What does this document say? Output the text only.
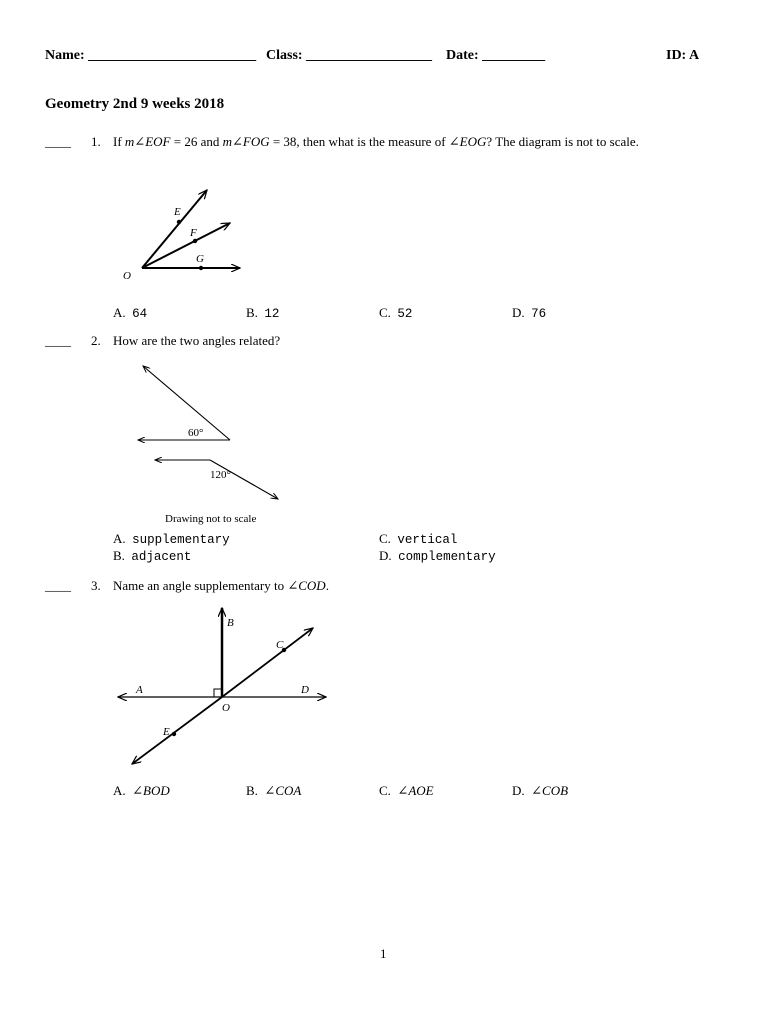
Name: ________________________ Class: __________________ Date: _________	ID: A
Geometry 2nd 9 weeks 2018
____ 1. If m∠EOF = 26 and m∠FOG = 38, then what is the measure of ∠EOG? The diagram is not to scale.
E
F
G
O
A. 64	B. 12	C. 52	D. 76
____ 2. How are the two angles related?
60°
120°
Drawing not to scale
A. supplementary	C. vertical
B. adjacent	D. complementary
____ 3. Name an angle supplementary to ∠COD.
A
B
C
D
E
O
A. ∠BOD	B. ∠COA	C. ∠AOE	D. ∠COB
1
